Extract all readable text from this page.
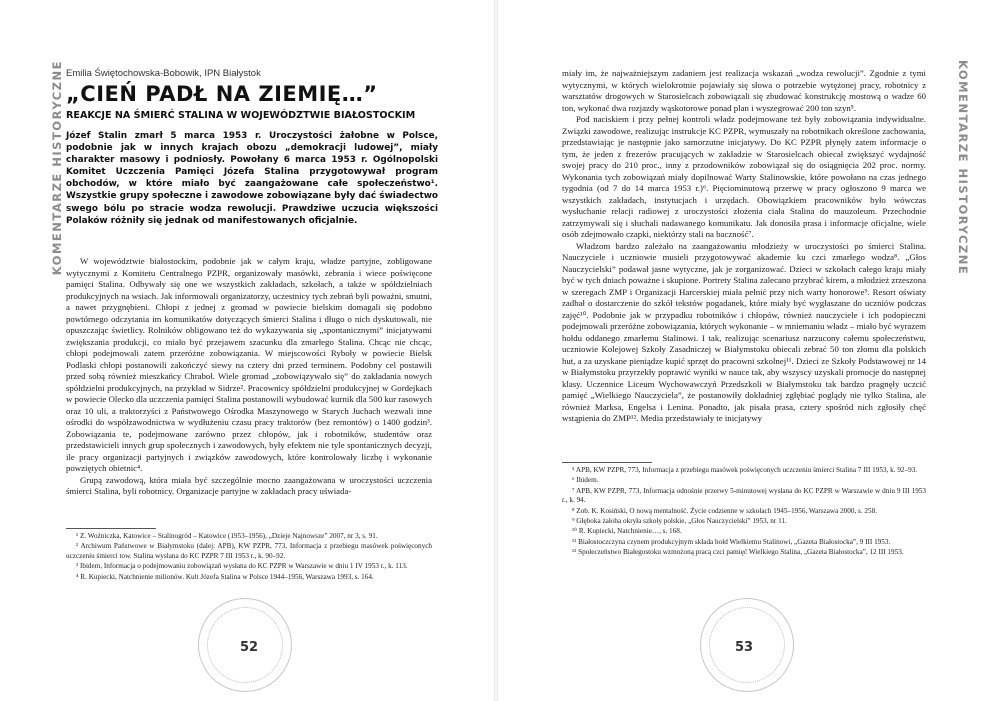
KOMENTARZE HISTORYCZNE Emilia Świętochowska-Bobowik, IPN Białystok
„CIEŃ PADŁ NA ZIEMIĘ…”
REAKCJE NA ŚMIERĆ STALINA W WOJEWÓDZTWIE BIAŁOSTOCKIM
Józef Stalin zmarł 5 marca 1953 r. Uroczystości żałobne w Polsce, podobnie jak w innych krajach obozu „demokracji ludowej”, miały charakter masowy i podniosły. Powołany 6 marca 1953 r. Ogólnopolski Komitet Uczczenia Pamięci Józefa Stalina przygotowywał program obchodów, w które miało być zaangażowane całe społeczeństwo¹. Wszystkie grupy społeczne i zawodowe zobowiązane były dać świadectwo swego bólu po stracie wodza rewolucji. Prawdziwe uczucia większości Polaków różniły się jednak od manifestowanych oficjalnie.

W województwie białostockim, podobnie jak w całym kraju, władze partyjne, zobligowane wytycznymi z Komitetu Centralnego PZPR, organizowały masówki, zebrania i wiece poświęcone pamięci Stalina. Odbywały się one we wszystkich zakładach, szkołach, a także w spółdzielniach produkcyjnych na wsiach. Jak informowali organizatorzy, uczestnicy tych zebrań byli poważni, smutni, a nawet przygnębieni. Chłopi z jednej z gromad w powiecie bielskim domagali się podobno powtórnego odczytania im komunikatów dotyczących śmierci Stalina i długo o nich dyskutowali, nie opuszczając świetlicy. Rolników obligowano też do wykazywania się „spontanicznymi” inicjatywami zwiększania produkcji, co miało być przejawem szacunku dla zmarłego Stalina. Chcąc nie chcąc, chłopi podejmowali zatem przeróżne zobowiązania. W miejscowości Ryboły w powiecie Bielsk Podlaski chłopi postanowili zakończyć siewy na cztery dni przed terminem. Podobny cel postawili przed sobą również mieszkańcy Chraboł. Wiele gromad „zobowiązywało się” do zakładania nowych spółdzielni produkcyjnych, na przykład w Sidrze². Pracownicy spółdzielni produkcyjnej w Gordejkach w powiecie Olecko dla uczczenia pamięci Stalina postanowili wybudować kurnik dla 500 kur rasowych oraz 10 uli, a traktorzyści z Państwowego Ośrodka Maszynowego w Starych Juchach wezwali inne ośrodki do współzawodnictwa w wydłużeniu czasu pracy traktorów (bez remontów) o 1400 godzin³. Zobowiązania te, podejmowane zarówno przez chłopów, jak i robotników, studentów oraz przedstawicieli innych grup społecznych i zawodowych, były efektem nie tyle spontanicznych decyzji, ile pracy organizacji partyjnych i związków zawodowych, które kontrolowały liczbę i wykonanie powziętych obietnic⁴.

Grupą zawodową, która miała być szczególnie mocno zaangażowana w uroczystości uczczenia śmierci Stalina, byli robotnicy. Organizacje partyjne w zakładach pracy uświada-

¹ Z. Woźniczka, Katowice – Stalinogród – Katowice (1953–1956), „Dzieje Najnowsze” 2007, nr 3, s. 91.

² Archiwum Państwowe w Białymstoku (dalej: APB), KW PZPR, 773, Informacja z przebiegu masówek poświęconych uczczeniu śmierci tow. Stalina wysłana do KC PZPR 7 III 1953 r., k. 90–92.

³ Ibidem, Informacja o podejmowaniu zobowiązań wysłana do KC PZPR w Warszawie w dniu 1 IV 1953 r., k. 113.

⁴ R. Kupiecki, Natchnienie milionów. Kult Józefa Stalina w Polsce 1944–1956, Warszawa 1993, s. 164.

52
KOMENTARZE HISTORYCZNE

miały im, że najważniejszym zadaniem jest realizacja wskazań „wodza rewolucji”. Zgodnie z tymi wytycznymi, w których wielokrotnie pojawiały się słowa o potrzebie wytężonej pracy, robotnicy z warsztatów drogowych w Starosielcach zobowiązali się zbudować konstrukcję mostową o wadze 60 ton, wykonać dwa rozjazdy wąskotorowe ponad plan i wyszegrować 200 ton szyn⁵.

Pod naciskiem i przy pełnej kontroli władz podejmowane też były zobowiązania indywidualne. Związki zawodowe, realizując instrukcje KC PZPR, wymuszały na robotnikach określone zachowania, przedstawiając je następnie jako samorzutne inicjatywy. Do KC PZPR płynęły zatem informacje o tym, że jeden z frezerów pracujących w zakładzie w Starosielcach obiecał zwiększyć wydajność swojej pracy do 210 proc., inny z przodowników zobowiązał się do osiągnięcia 202 proc. normy. Wykonania tych zobowiązań miały dopilnować Warty Stalinowskie, które powołano na czas jednego tygodnia (od 7 do 14 marca 1953 r.)⁶. Pięciominutową przerwę w pracy ogłoszono 9 marca we wszystkich zakładach, instytucjach i urzędach. Obowiązkiem pracowników było wówczas wysłuchanie relacji radiowej z uroczystości złożenia ciała Stalina do mauzoleum. Przechodnie zatrzymywali się i słuchali nadawanego komunikatu. Jak donosiła prasa i informacje oficjalne, wiele osób zdejmowało czapki, niektórzy stali na baczność⁷.

Władzom bardzo zależało na zaangażowaniu młodzieży w uroczystości po śmierci Stalina. Nauczyciele i uczniowie musieli przygotowywać akademie ku czci zmarłego wodza⁸. „Głos Nauczycielski” podawał jasne wytyczne, jak je zorganizować. Dzieci w szkołach całego kraju miały być w tych dniach poważne i skupione. Portrety Stalina zalecano przybrać kirem, a młodzież zrzeszona w szeregach ZMP i Organizacji Harcerskiej miała pełnić przy nich warty honorowe⁹. Resort oświaty zadbał o dostarczenie do szkół tekstów pogadanek, które miały być wygłaszane do uczniów podczas zajęć¹⁰. Podobnie jak w przypadku robotników i chłopów, również nauczyciele i ich podopieczni podejmowali przeróżne zobowiązania, których wykonanie – w mniemaniu władz – miało być wyrazem hołdu oddanego zmarłemu Stalinowi. I tak, realizując scenariusz narzucony całemu społeczeństwu, uczniowie Kolejowej Szkoły Zasadniczej w Białymstoku obiecali zebrać 50 ton złomu dla polskich hut, a za uzyskane pieniądze kupić sprzęt do pracowni szkolnej¹¹. Dzieci ze Szkoły Podstawowej nr 14 w Białymstoku przyrzekły poprawić wyniki w nauce tak, aby wszyscy uzyskali promocje do następnej klasy. Uczennice Liceum Wychowawczyń Przedszkoli w Białymstoku tak bardzo pragnęły uczcić pamięć „Wielkiego Nauczyciela”, że postanowiły dokładniej zgłębiać poglądy nie tylko Stalina, ale również Marksa, Engelsa i Lenina. Ponadto, jak pisała prasa, cztery spośród nich zgłosiły chęć wstąpienia do ZMP¹². Media przedstawiały te inicjatywy

⁵ APB, KW PZPR, 773, Informacja z przebiegu masówek poświęconych uczczeniu śmierci Stalina 7 III 1953, k. 92–93.

⁶ Ibidem.

⁷ APB, KW PZPR, 773, Informacja odnośnie przerwy 5-minutowej wysłana do KC PZPR w Warszawie w dniu 9 III 1953 r., k. 94.

⁸ Zob. K. Kosiński, O nową mentalność. Życie codzienne w szkołach 1945–1956, Warszawa 2000, s. 258.

⁹ Głęboka żałoba okryła szkoły polskie, „Głos Nauczycielski” 1953, nr 11.

¹⁰ R. Kupiecki, Natchnienie…, s. 168.

¹¹ Białostoczczyna czynem produkcyjnym składa hołd Wielkiemu Stalinowi, „Gazeta Białostocka”, 9 III 1953.

¹² Społeczeństwo Białegostoku wzmożoną pracą czci pamięć Wielkiego Stalina, „Gazeta Białostocka”, 12 III 1953.

53
